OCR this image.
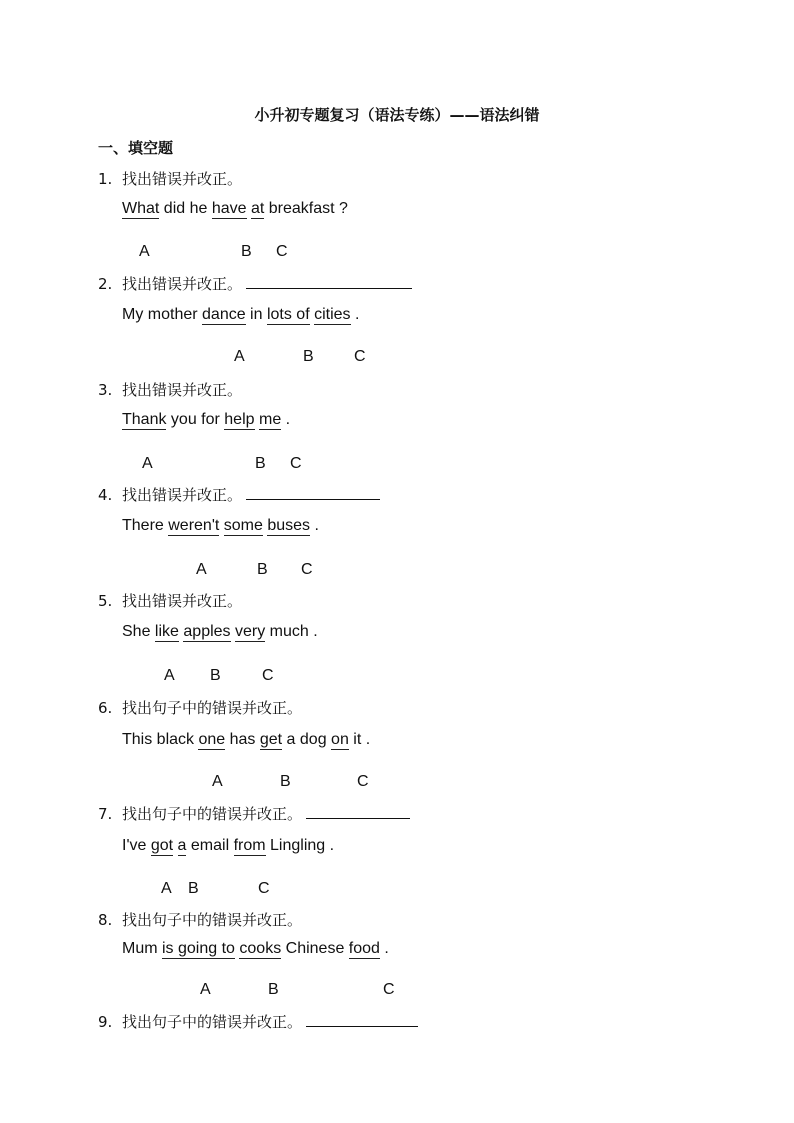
小升初专题复习（语法专练）——语法纠错
一、填空题
1. 找出错误并改正。
What did he have at breakfast ?
A	B C
2. 找出错误并改正。
My mother dance in lots of cities .
A	B	C
3. 找出错误并改正。
Thank you for help me .
A	B C
4. 找出错误并改正。
There weren't some buses .
A	B C
5. 找出错误并改正。
She like apples very much .
A B	C
6. 找出句子中的错误并改正。
This black one has get a dog on it .
A	B	C
7. 找出句子中的错误并改正。
I've got a email from Lingling .
A B	C
8. 找出句子中的错误并改正。
Mum is going to cooks Chinese food .
A	B	C
9. 找出句子中的错误并改正。
